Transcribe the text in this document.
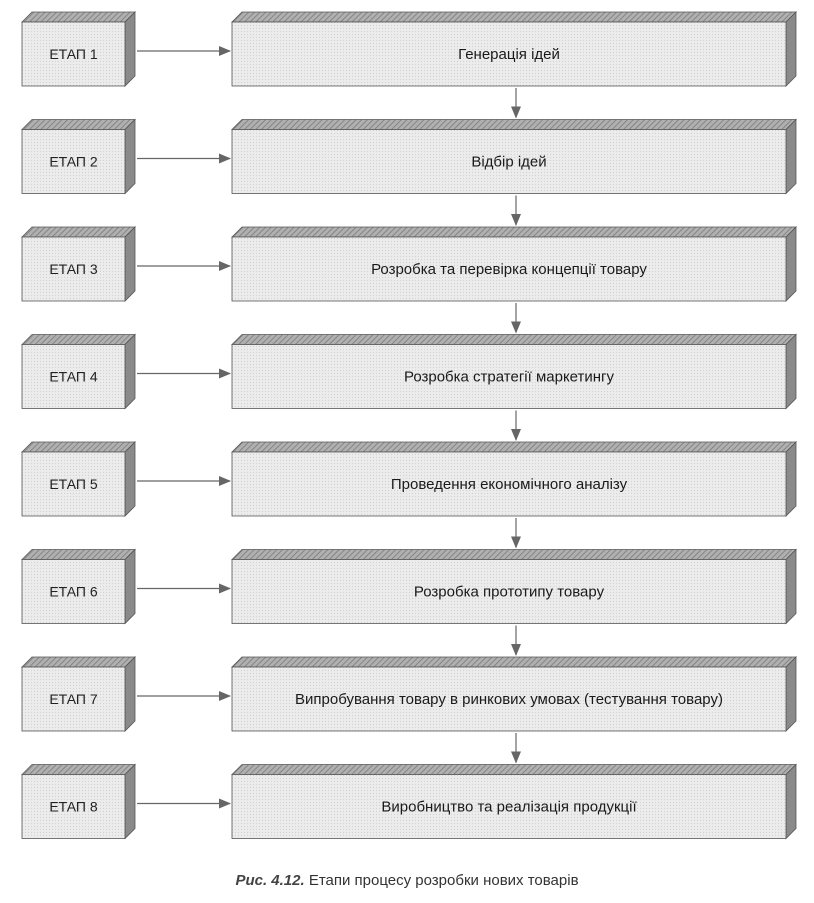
ЕТАП 1	Генерація ідей
ЕТАП 2	Відбір ідей
ЕТАП 3	Розробка та перевірка концепції товару
ЕТАП 4	Розробка стратегії маркетингу
ЕТАП 5	Проведення економічного аналізу
ЕТАП 6	Розробка прототипу товару
ЕТАП 7	Випробування товару в ринкових умовах (тестування товару)
ЕТАП 8	Виробництво та реалізація продукції
Рис. 4.12. Етапи процесу розробки нових товарів
